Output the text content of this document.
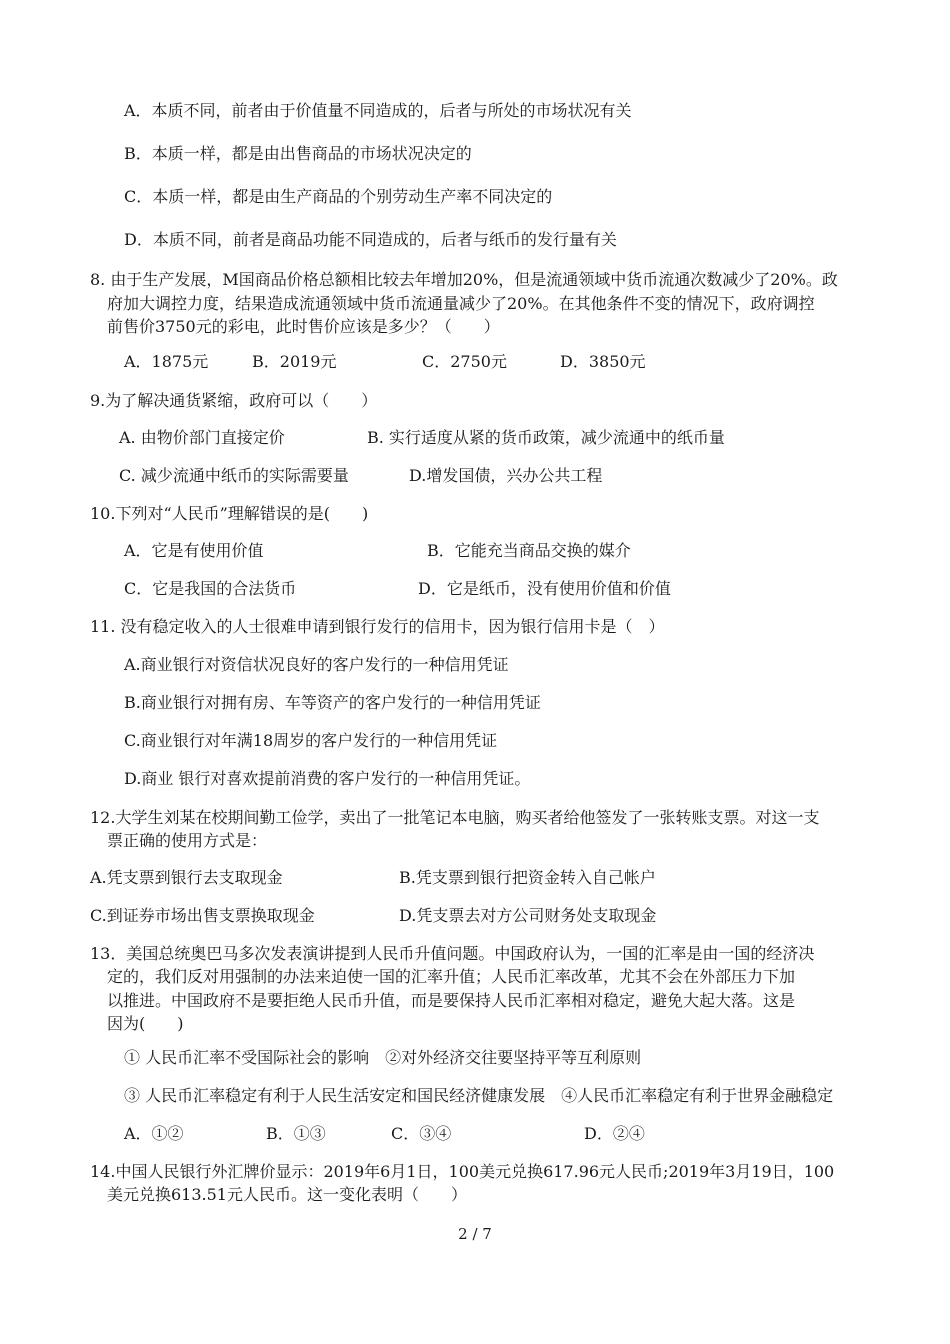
A．本质不同，前者由于价值量不同造成的，后者与所处的市场状况有关
B．本质一样，都是由出售商品的市场状况决定的
C．本质一样，都是由生产商品的个别劳动生产率不同决定的
D．本质不同，前者是商品功能不同造成的，后者与纸币的发行量有关
8. 由于生产发展，M国商品价格总额相比较去年增加20%，但是流通领域中货币流通次数减少了20%。政
府加大调控力度，结果造成流通领域中货币流通量减少了20%。在其他条件不变的情况下，政府调控
前售价3750元的彩电，此时售价应该是多少？（　　）
A．1875元	B．2019元	C．2750元	D．3850元
9.为了解决通货紧缩，政府可以（　　）
A. 由物价部门直接定价	B. 实行适度从紧的货币政策，减少流通中的纸币量
C. 减少流通中纸币的实际需要量	D.增发国债，兴办公共工程
10.下列对“人民币”理解错误的是(　　)
A．它是有使用价值	B．它能充当商品交换的媒介
C．它是我国的合法货币	D．它是纸币，没有使用价值和价值
11. 没有稳定收入的人士很难申请到银行发行的信用卡，因为银行信用卡是（　）
A.商业银行对资信状况良好的客户发行的一种信用凭证
B.商业银行对拥有房、车等资产的客户发行的一种信用凭证
C.商业银行对年满18周岁的客户发行的一种信用凭证
D.商业 银行对喜欢提前消费的客户发行的一种信用凭证。
12.大学生刘某在校期间勤工俭学，卖出了一批笔记本电脑，购买者给他签发了一张转账支票。对这一支
票正确的使用方式是：
A.凭支票到银行去支取现金	B.凭支票到银行把资金转入自己帐户
C.到证券市场出售支票换取现金	D.凭支票去对方公司财务处支取现金
13．美国总统奥巴马多次发表演讲提到人民币升值问题。中国政府认为，一国的汇率是由一国的经济决
定的，我们反对用强制的办法来迫使一国的汇率升值；人民币汇率改革，尤其不会在外部压力下加
以推进。中国政府不是要拒绝人民币升值，而是要保持人民币汇率相对稳定，避免大起大落。这是
因为(　　)
① 人民币汇率不受国际社会的影响　②对外经济交往要坚持平等互利原则
③ 人民币汇率稳定有利于人民生活安定和国民经济健康发展　④人民币汇率稳定有利于世界金融稳定
A．①②	B．①③	C．③④	D．②④
14.中国人民银行外汇牌价显示：2019年6月1日，100美元兑换617.96元人民币;2019年3月19日，100
美元兑换613.51元人民币。这一变化表明（　　）
2 / 7
